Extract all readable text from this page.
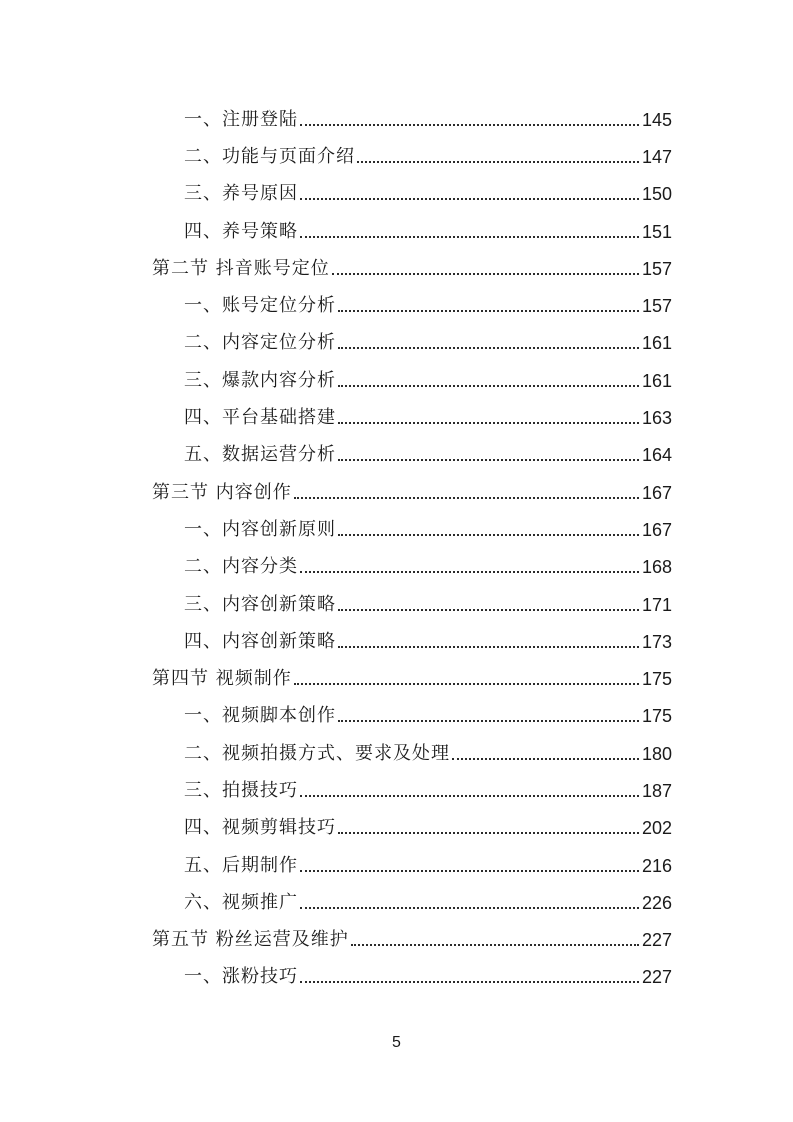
一、注册登陆	145
二、功能与页面介绍	147
三、养号原因	150
四、养号策略	151
第二节 抖音账号定位	157
一、账号定位分析	157
二、内容定位分析	161
三、爆款内容分析	161
四、平台基础搭建	163
五、数据运营分析	164
第三节 内容创作	167
一、内容创新原则	167
二、内容分类	168
三、内容创新策略	171
四、内容创新策略	173
第四节 视频制作	175
一、视频脚本创作	175
二、视频拍摄方式、要求及处理	180
三、拍摄技巧	187
四、视频剪辑技巧	202
五、后期制作	216
六、视频推广	226
第五节 粉丝运营及维护	227
一、涨粉技巧	227
5
